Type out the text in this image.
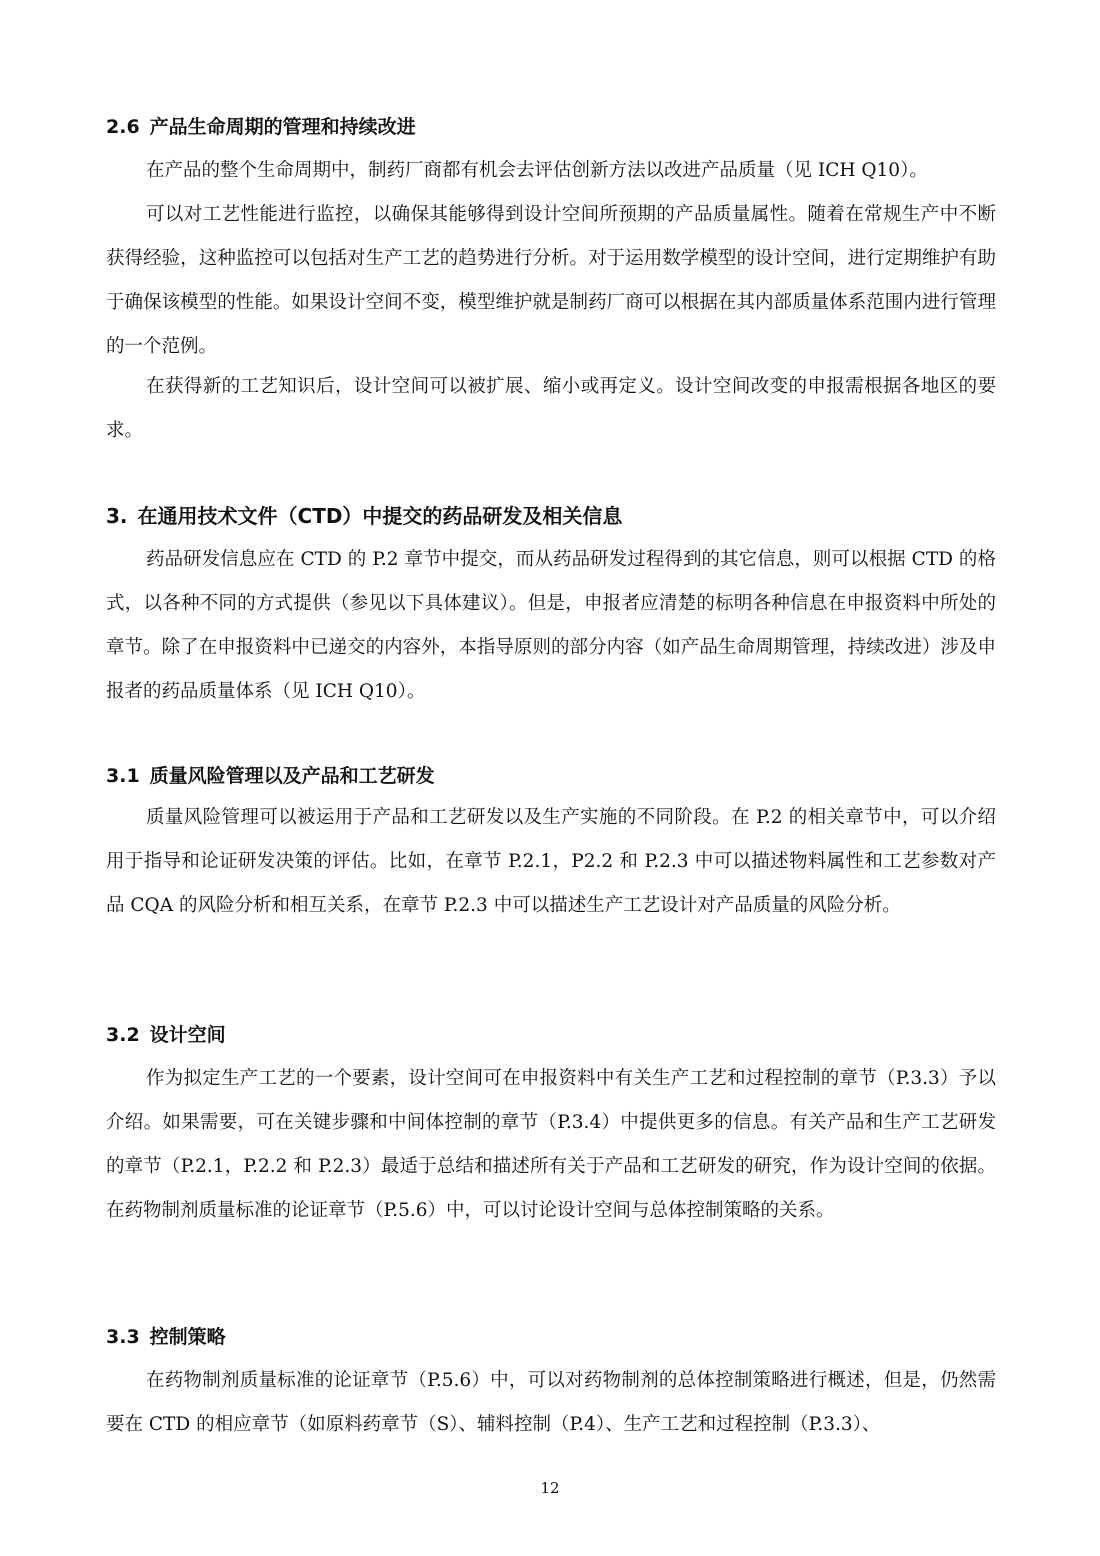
2.6 产品生命周期的管理和持续改进

在产品的整个生命周期中，制药厂商都有机会去评估创新方法以改进产品质量（见 ICH Q10）。

可以对工艺性能进行监控，以确保其能够得到设计空间所预期的产品质量属性。随着在常规生产中不断获得经验，这种监控可以包括对生产工艺的趋势进行分析。对于运用数学模型的设计空间，进行定期维护有助于确保该模型的性能。如果设计空间不变，模型维护就是制药厂商可以根据在其内部质量体系范围内进行管理的一个范例。

在获得新的工艺知识后，设计空间可以被扩展、缩小或再定义。设计空间改变的申报需根据各地区的要求。

3. 在通用技术文件（CTD）中提交的药品研发及相关信息

药品研发信息应在 CTD 的 P.2 章节中提交，而从药品研发过程得到的其它信息，则可以根据 CTD 的格式，以各种不同的方式提供（参见以下具体建议）。但是，申报者应清楚的标明各种信息在申报资料中所处的章节。除了在申报资料中已递交的内容外，本指导原则的部分内容（如产品生命周期管理，持续改进）涉及申报者的药品质量体系（见 ICH Q10）。

3.1 质量风险管理以及产品和工艺研发

质量风险管理可以被运用于产品和工艺研发以及生产实施的不同阶段。在 P.2 的相关章节中，可以介绍用于指导和论证研发决策的评估。比如，在章节 P.2.1，P2.2 和 P.2.3 中可以描述物料属性和工艺参数对产品 CQA 的风险分析和相互关系，在章节 P.2.3 中可以描述生产工艺设计对产品质量的风险分析。

3.2 设计空间

作为拟定生产工艺的一个要素，设计空间可在申报资料中有关生产工艺和过程控制的章节（P.3.3）予以介绍。如果需要，可在关键步骤和中间体控制的章节（P.3.4）中提供更多的信息。有关产品和生产工艺研发的章节（P.2.1，P.2.2 和 P.2.3）最适于总结和描述所有关于产品和工艺研发的研究，作为设计空间的依据。在药物制剂质量标准的论证章节（P.5.6）中，可以讨论设计空间与总体控制策略的关系。

3.3 控制策略

在药物制剂质量标准的论证章节（P.5.6）中，可以对药物制剂的总体控制策略进行概述，但是，仍然需要在 CTD 的相应章节（如原料药章节（S）、辅料控制（P.4）、生产工艺和过程控制（P.3.3）、

12
